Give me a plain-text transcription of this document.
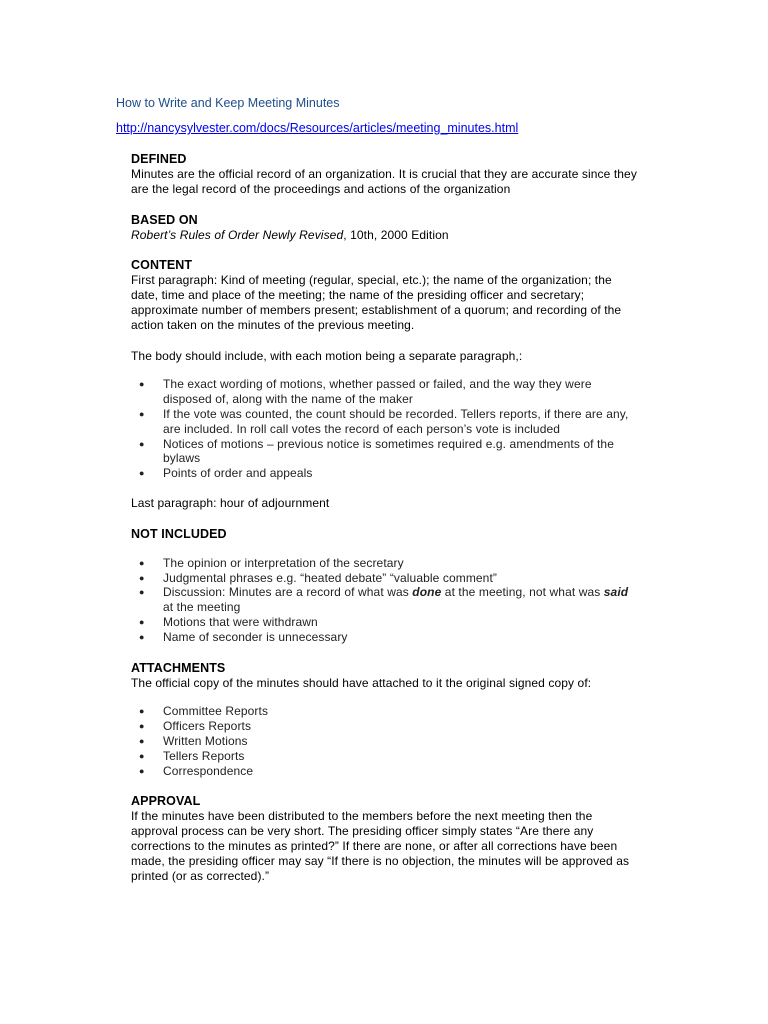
How to Write and Keep Meeting Minutes
http://nancysylvester.com/docs/Resources/articles/meeting_minutes.html

DEFINED

Minutes are the official record of an organization. It is crucial that they are accurate since they are the legal record of the proceedings and actions of the organization

BASED ON

Robert’s Rules of Order Newly Revised, 10th, 2000 Edition

CONTENT

First paragraph: Kind of meeting (regular, special, etc.); the name of the organization; the date, time and place of the meeting; the name of the presiding officer and secretary; approximate number of members present; establishment of a quorum; and recording of the action taken on the minutes of the previous meeting.

The body should include, with each motion being a separate paragraph,:

● The exact wording of motions, whether passed or failed, and the way they were disposed of, along with the name of the maker
● If the vote was counted, the count should be recorded. Tellers reports, if there are any, are included. In roll call votes the record of each person’s vote is included
● Notices of motions – previous notice is sometimes required e.g. amendments of the bylaws
● Points of order and appeals

Last paragraph: hour of adjournment

NOT INCLUDED

● The opinion or interpretation of the secretary
● Judgmental phrases e.g. “heated debate” “valuable comment”
● Discussion: Minutes are a record of what was done at the meeting, not what was said at the meeting
● Motions that were withdrawn
● Name of seconder is unnecessary

ATTACHMENTS

The official copy of the minutes should have attached to it the original signed copy of:

● Committee Reports
● Officers Reports
● Written Motions
● Tellers Reports
● Correspondence

APPROVAL

If the minutes have been distributed to the members before the next meeting then the approval process can be very short. The presiding officer simply states “Are there any corrections to the minutes as printed?” If there are none, or after all corrections have been made, the presiding officer may say “If there is no objection, the minutes will be approved as printed (or as corrected).”
